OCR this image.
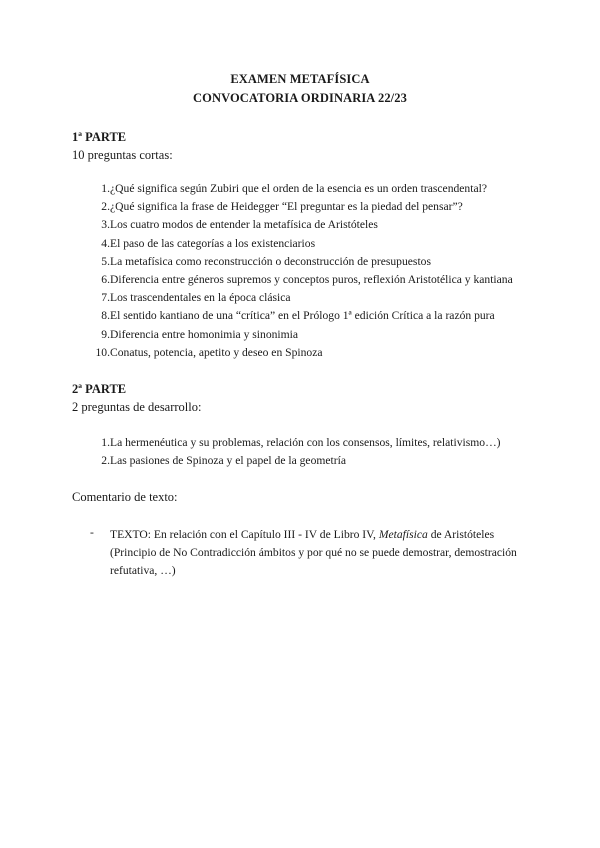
EXAMEN METAFÍSICA
CONVOCATORIA ORDINARIA 22/23
1ª PARTE
10 preguntas cortas:
1. ¿Qué significa según Zubiri que el orden de la esencia es un orden trascendental?
2. ¿Qué significa la frase de Heidegger “El preguntar es la piedad del pensar”?
3. Los cuatro modos de entender la metafísica de Aristóteles
4. El paso de las categorías a los existenciarios
5. La metafísica como reconstrucción o deconstrucción de presupuestos
6. Diferencia entre géneros supremos y conceptos puros, reflexión Aristotélica y kantiana
7. Los trascendentales en la época clásica
8. El sentido kantiano de una “crítica” en el Prólogo 1ª edición Crítica a la razón pura
9. Diferencia entre homonimia y sinonimia
10. Conatus, potencia, apetito y deseo en Spinoza
2ª PARTE
2 preguntas de desarrollo:
1. La hermenéutica y su problemas, relación con los consensos, límites, relativismo…)
2. Las pasiones de Spinoza y el papel de la geometría
Comentario de texto:
- TEXTO: En relación con el Capítulo III - IV de Libro IV, Metafísica de Aristóteles (Principio de No Contradicción ámbitos y por qué no se puede demostrar, demostración refutativa, …)
